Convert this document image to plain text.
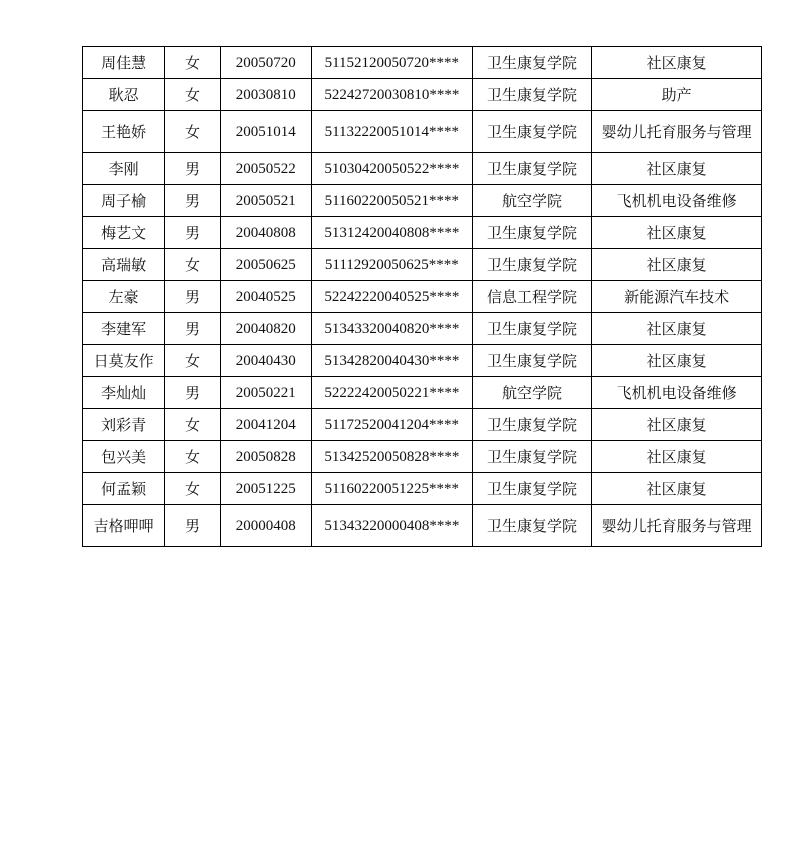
周佳慧	女	20050720	51152120050720****	卫生康复学院	社区康复
耿忍	女	20030810	52242720030810****	卫生康复学院	助产
王艳娇	女	20051014	51132220051014****	卫生康复学院	婴幼儿托育服务与管理
李刚	男	20050522	51030420050522****	卫生康复学院	社区康复
周子榆	男	20050521	51160220050521****	航空学院	飞机机电设备维修
梅艺文	男	20040808	51312420040808****	卫生康复学院	社区康复
高瑞敏	女	20050625	51112920050625****	卫生康复学院	社区康复
左豪	男	20040525	52242220040525****	信息工程学院	新能源汽车技术
李建军	男	20040820	51343320040820****	卫生康复学院	社区康复
日莫友作	女	20040430	51342820040430****	卫生康复学院	社区康复
李灿灿	男	20050221	52222420050221****	航空学院	飞机机电设备维修
刘彩青	女	20041204	51172520041204****	卫生康复学院	社区康复
包兴美	女	20050828	51342520050828****	卫生康复学院	社区康复
何孟颖	女	20051225	51160220051225****	卫生康复学院	社区康复
吉格呷呷	男	20000408	51343220000408****	卫生康复学院	婴幼儿托育服务与管理
